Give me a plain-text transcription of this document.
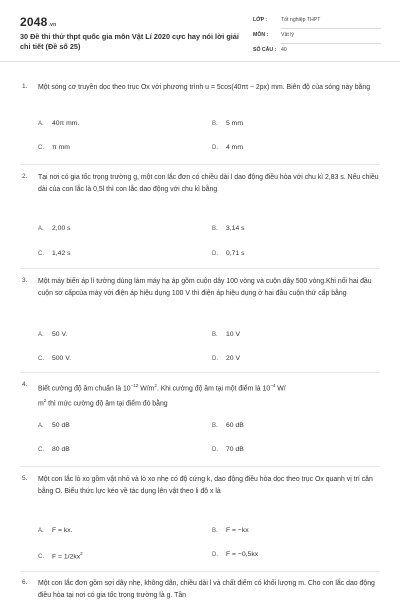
2048.vn
30 Đề thi thử thpt quốc gia môn Vật Lí 2020 cực hay nói lời giải chi tiết (Đề số 25)
LỚP :	Tốt nghiệp THPT
MÔN :	Vật lý
SỐ CÂU : 40
1. Một sóng cơ truyền dọc theo trục Ox với phương trình u = 5cos(40πt − 2px) mm. Biên độ của sóng này bằng
A. 40π mm.	B. 5 mm
C. π mm	D. 4 mm
2. Tại nơi có gia tốc trọng trường g, một con lắc đơn có chiều dài l dao động điều hòa với chu kì 2,83 s. Nếu chiều dài của con lắc là 0,5l thì con lắc dao động với chu kì bằng
A. 2,00 s	B. 3,14 s
C. 1,42 s	D. 0,71 s
3. Một máy biến áp lí tưởng dùng làm máy hạ áp gồm cuộn dây 100 vòng và cuộn dây 500 vòng.Khi nối hai đầu cuộn sơ cấpcủa máy với điện áp hiệu dụng 100 V thì điện áp hiệu dụng ở hai đầu cuộn thứ cấp bằng
A. 50 V.	B. 10 V
C. 500 V.	D. 20 V
4.
Biết cường độ âm chuẩn là $10^{-12}$ $W/m^2$. Khi cường độ âm tại một điểm là $10^{-4}$ W/
$m^2$ thì mức cường độ âm tại điểm đó bằng
A. 50 dB	B. 60 dB
C. 80 dB	D. 70 dB
5. Một con lắc lò xo gồm vật nhỏ và lò xo nhẹ có độ cứng k, dao động điều hòa dọc theo trục Ox quanh vị trí cân bằng O. Biểu thức lực kéo về tác dụng lên vật theo li độ x là
A. F = kx.	B. F = −kx
C. $F = 1/2kx^2$	D. F = −0,5kx
6. Một con lắc đơn gồm sợi dây nhẹ, không dãn, chiều dài l và chất điểm có khối lượng m. Cho con lắc dao động điều hòa tại nơi có gia tốc trọng trường là g. Tần
